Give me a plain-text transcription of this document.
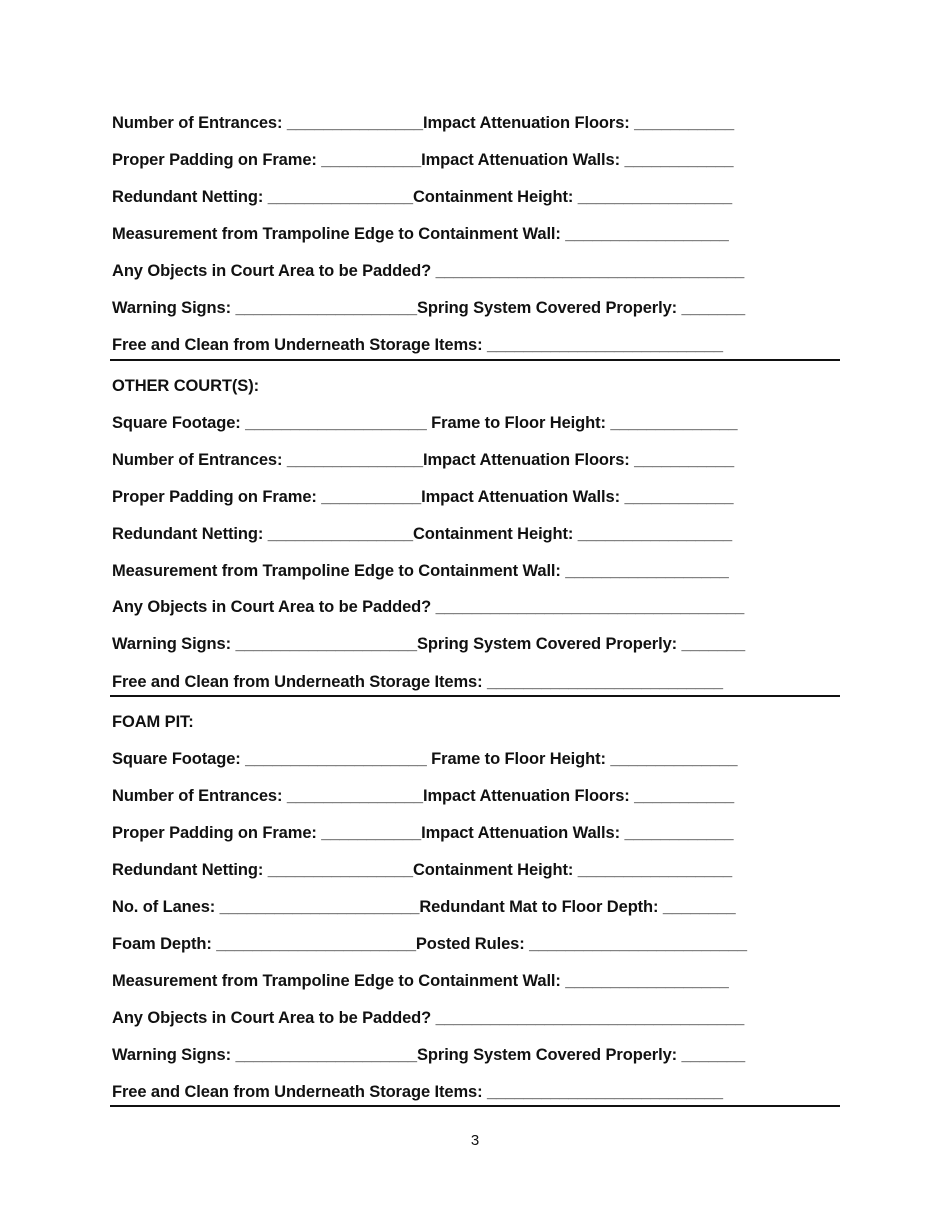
Number of Entrances: _______________Impact Attenuation Floors: ___________
Proper Padding on Frame: ___________Impact Attenuation Walls: ____________
Redundant Netting: ________________Containment Height: _________________
Measurement from Trampoline Edge to Containment Wall: __________________
Any Objects in Court Area to be Padded? __________________________________
Warning Signs: ____________________Spring System Covered Properly: _______
Free and Clean from Underneath Storage Items: __________________________
OTHER COURT(S):
Square Footage: ____________________ Frame to Floor Height: ______________
Number of Entrances: _______________Impact Attenuation Floors: ___________
Proper Padding on Frame: ___________Impact Attenuation Walls: ____________
Redundant Netting: ________________Containment Height: _________________
Measurement from Trampoline Edge to Containment Wall: __________________
Any Objects in Court Area to be Padded? __________________________________
Warning Signs: ____________________Spring System Covered Properly: _______
Free and Clean from Underneath Storage Items: __________________________
FOAM PIT:
Square Footage: ____________________ Frame to Floor Height: ______________
Number of Entrances: _______________Impact Attenuation Floors: ___________
Proper Padding on Frame: ___________Impact Attenuation Walls: ____________
Redundant Netting: ________________Containment Height: _________________
No. of Lanes: ______________________Redundant Mat to Floor Depth: ________
Foam Depth: ______________________Posted Rules: ________________________
Measurement from Trampoline Edge to Containment Wall: __________________
Any Objects in Court Area to be Padded? __________________________________
Warning Signs: ____________________Spring System Covered Properly: _______
Free and Clean from Underneath Storage Items: __________________________
3
